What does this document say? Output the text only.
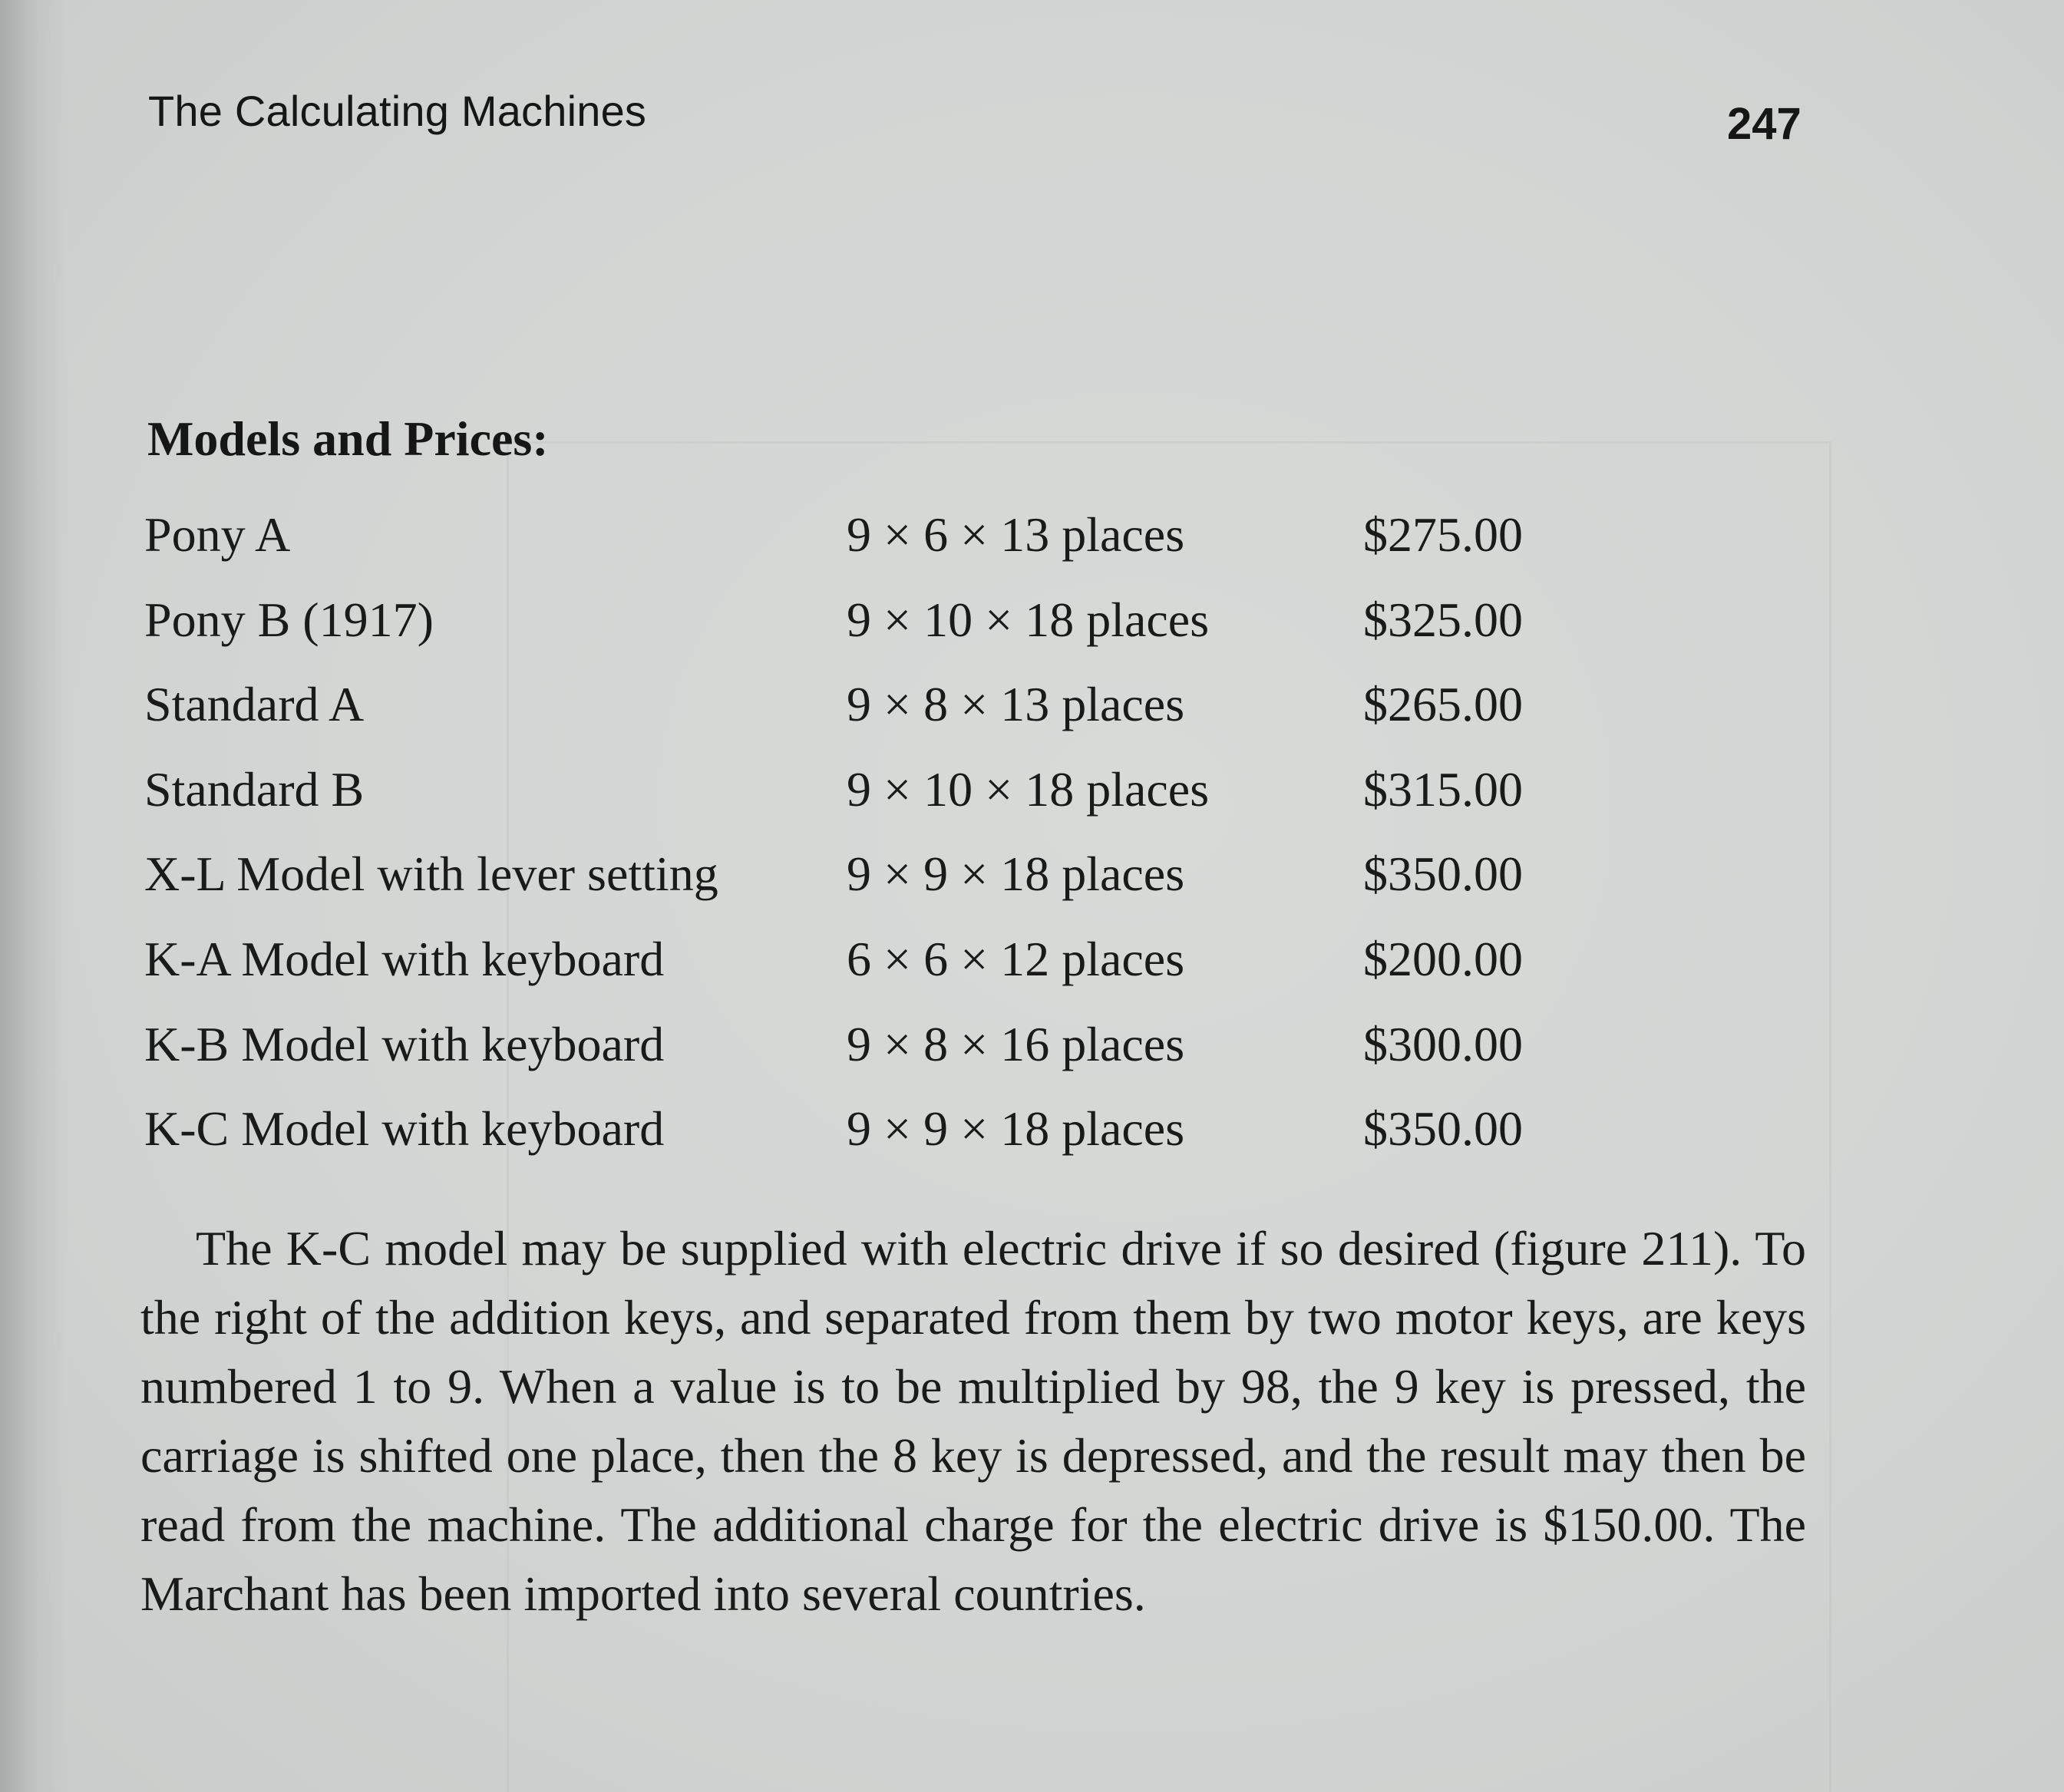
The Calculating Machines	247
Models and Prices:
Pony A	9 × 6 × 13 places	$275.00
Pony B (1917)	9 × 10 × 18 places	$325.00
Standard A	9 × 8 × 13 places	$265.00
Standard B	9 × 10 × 18 places	$315.00
X-L Model with lever setting	9 × 9 × 18 places	$350.00
K-A Model with keyboard	6 × 6 × 12 places	$200.00
K-B Model with keyboard	9 × 8 × 16 places	$300.00
K-C Model with keyboard	9 × 9 × 18 places	$350.00

The K-C model may be supplied with electric drive if so desired (figure 211). To the right of the addition keys, and separated from them by two motor keys, are keys numbered 1 to 9. When a value is to be multiplied by 98, the 9 key is pressed, the carriage is shifted one place, then the 8 key is depressed, and the result may then be read from the machine. The additional charge for the electric drive is $150.00. The Marchant has been imported into several countries.
